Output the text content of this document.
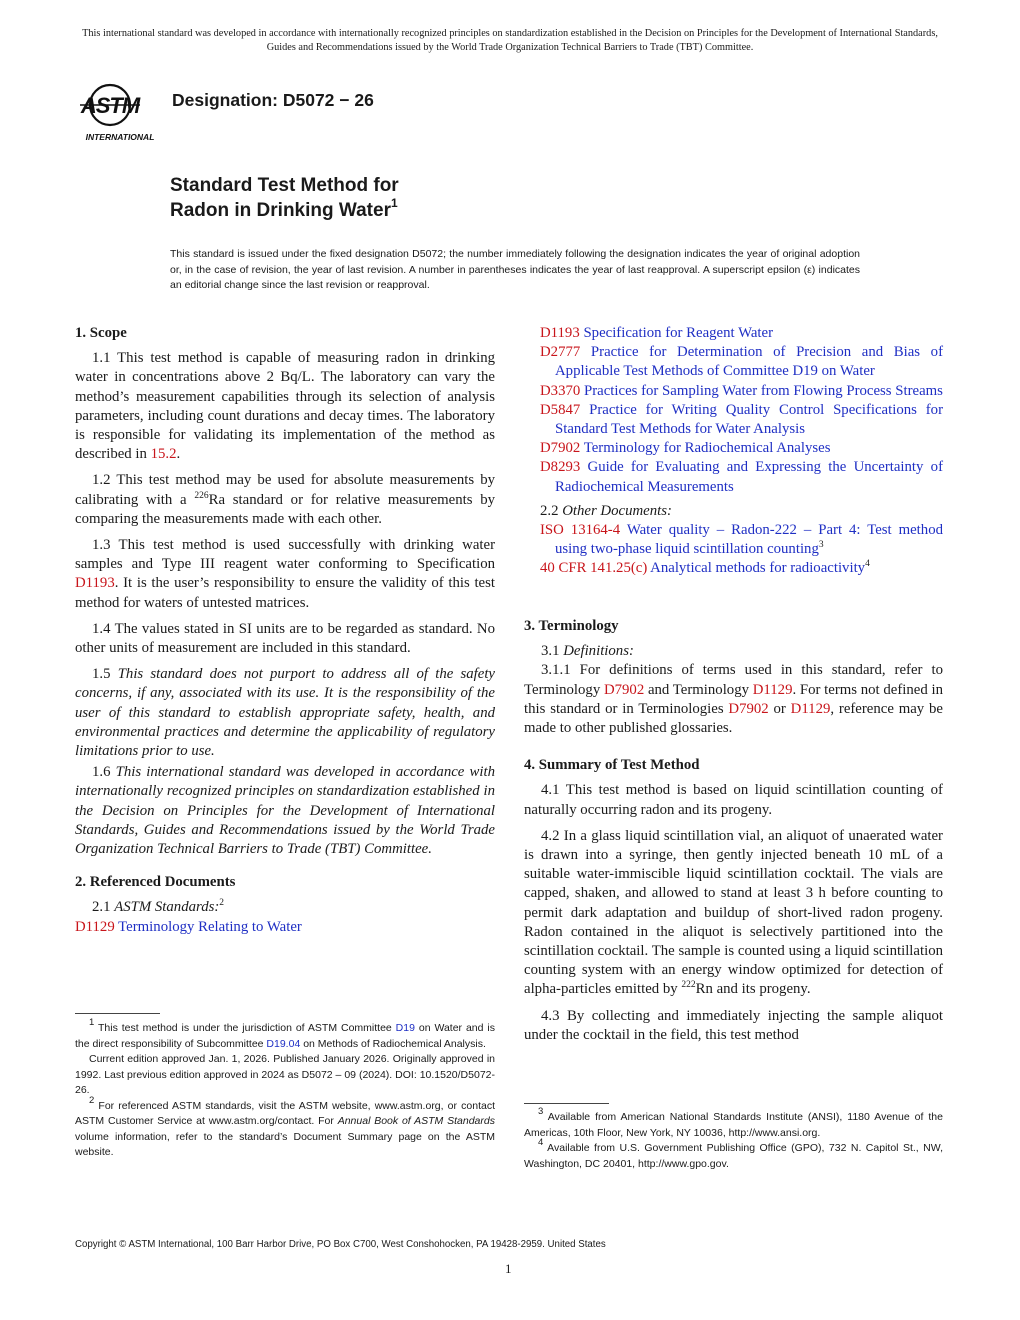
This international standard was developed in accordance with internationally recognized principles on standardization established in the Decision on Principles for the Development of International Standards, Guides and Recommendations issued by the World Trade Organization Technical Barriers to Trade (TBT) Committee.
ASTM
INTERNATIONAL
Designation: D5072 − 26
Standard Test Method for
Radon in Drinking Water$^1$
This standard is issued under the fixed designation D5072; the number immediately following the designation indicates the year of original adoption or, in the case of revision, the year of last revision. A number in parentheses indicates the year of last reapproval. A superscript epsilon (ε) indicates an editorial change since the last revision or reapproval.
1. Scope

1.1 This test method is capable of measuring radon in drinking water in concentrations above 2 Bq/L. The laboratory can vary the method’s measurement capabilities through its selection of analysis parameters, including count durations and decay times. The laboratory is responsible for validating its implementation of the method as described in 15.2.

1.2 This test method may be used for absolute measurements by calibrating with a $^{226}$Ra standard or for relative measurements by comparing the measurements made with each other.

1.3 This test method is used successfully with drinking water samples and Type III reagent water conforming to Specification D1193. It is the user’s responsibility to ensure the validity of this test method for waters of untested matrices.

1.4 The values stated in SI units are to be regarded as standard. No other units of measurement are included in this standard.

1.5 This standard does not purport to address all of the safety concerns, if any, associated with its use. It is the responsibility of the user of this standard to establish appropriate safety, health, and environmental practices and determine the applicability of regulatory limitations prior to use.

1.6 This international standard was developed in accordance with internationally recognized principles on standardization established in the Decision on Principles for the Development of International Standards, Guides and Recommendations issued by the World Trade Organization Technical Barriers to Trade (TBT) Committee.

2. Referenced Documents

2.1 ASTM Standards:$^2$

D1129 Terminology Relating to Water

D1193 Specification for Reagent Water

D2777 Practice for Determination of Precision and Bias of Applicable Test Methods of Committee D19 on Water

D3370 Practices for Sampling Water from Flowing Process Streams

D5847 Practice for Writing Quality Control Specifications for Standard Test Methods for Water Analysis

D7902 Terminology for Radiochemical Analyses

D8293 Guide for Evaluating and Expressing the Uncertainty of Radiochemical Measurements

2.2 Other Documents:

ISO 13164-4 Water quality – Radon-222 – Part 4: Test method using two-phase liquid scintillation counting$^3$

40 CFR 141.25(c) Analytical methods for radioactivity$^4$

3. Terminology

3.1 Definitions:

3.1.1 For definitions of terms used in this standard, refer to Terminology D7902 and Terminology D1129. For terms not defined in this standard or in Terminologies D7902 or D1129, reference may be made to other published glossaries.

4. Summary of Test Method

4.1 This test method is based on liquid scintillation counting of naturally occurring radon and its progeny.

4.2 In a glass liquid scintillation vial, an aliquot of unaerated water is drawn into a syringe, then gently injected beneath 10 mL of a suitable water-immiscible liquid scintillation cocktail. The vials are capped, shaken, and allowed to stand at least 3 h before counting to permit dark adaptation and buildup of short-lived radon progeny. Radon contained in the aliquot is selectively partitioned into the scintillation cocktail. The sample is counted using a liquid scintillation counting system with an energy window optimized for detection of alpha-particles emitted by $^{222}$Rn and its progeny.

4.3 By collecting and immediately injecting the sample aliquot under the cocktail in the field, this test method

$^1$ This test method is under the jurisdiction of ASTM Committee D19 on Water and is the direct responsibility of Subcommittee D19.04 on Methods of Radiochemical Analysis.

Current edition approved Jan. 1, 2026. Published January 2026. Originally approved in 1992. Last previous edition approved in 2024 as D5072 – 09 (2024). DOI: 10.1520/D5072-26.

$^2$ For referenced ASTM standards, visit the ASTM website, www.astm.org, or contact ASTM Customer Service at www.astm.org/contact. For Annual Book of ASTM Standards volume information, refer to the standard’s Document Summary page on the ASTM website.

$^3$ Available from American National Standards Institute (ANSI), 1180 Avenue of the Americas, 10th Floor, New York, NY 10036, http://www.ansi.org.

$^4$ Available from U.S. Government Publishing Office (GPO), 732 N. Capitol St., NW, Washington, DC 20401, http://www.gpo.gov.

Copyright © ASTM International, 100 Barr Harbor Drive, PO Box C700, West Conshohocken, PA 19428-2959. United States
1
